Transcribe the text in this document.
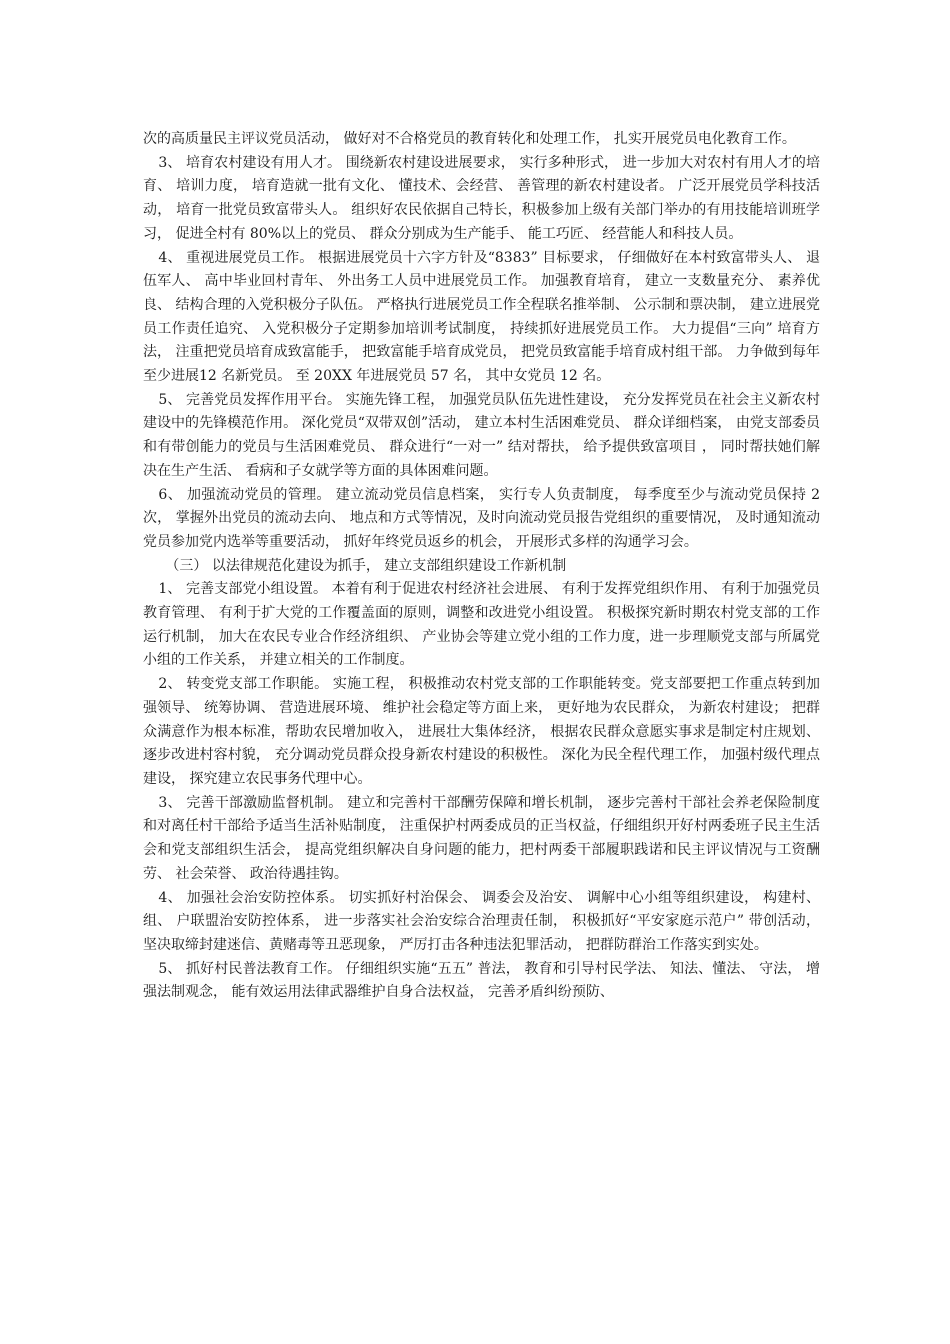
次的高质量民主评议党员活动， 做好对不合格党员的教育转化和处理工作， 扎实开展党员电化教育工作。

3、 培育农村建设有用人才。 围绕新农村建设进展要求， 实行多种形式， 进一步加大对农村有用人才的培育、 培训力度， 培育造就一批有文化、 懂技术、会经营、 善管理的新农村建设者。 广泛开展党员学科技活动， 培育一批党员致富带头人。 组织好农民依据自己特长，积极参加上级有关部门举办的有用技能培训班学习， 促进全村有 80%以上的党员、 群众分别成为生产能手、 能工巧匠、 经营能人和科技人员。

4、 重视进展党员工作。 根据进展党员十六字方针及“8383” 目标要求， 仔细做好在本村致富带头人、 退伍军人、 高中毕业回村青年、 外出务工人员中进展党员工作。 加强教育培育， 建立一支数量充分、 素养优良、 结构合理的入党积极分子队伍。 严格执行进展党员工作全程联名推举制、 公示制和票决制， 建立进展党员工作责任追究、 入党积极分子定期参加培训考试制度， 持续抓好进展党员工作。 大力提倡“三向” 培育方法， 注重把党员培育成致富能手， 把致富能手培育成党员， 把党员致富能手培育成村组干部。 力争做到每年至少进展12 名新党员。 至 20XX 年进展党员 57 名， 其中女党员 12 名。

5、 完善党员发挥作用平台。 实施先锋工程， 加强党员队伍先进性建设， 充分发挥党员在社会主义新农村建设中的先锋模范作用。 深化党员“双带双创”活动， 建立本村生活困难党员、 群众详细档案， 由党支部委员和有带创能力的党员与生活困难党员、 群众进行“一对一” 结对帮扶， 给予提供致富项目 ， 同时帮扶她们解决在生产生活、 看病和子女就学等方面的具体困难问题。

6、 加强流动党员的管理。 建立流动党员信息档案， 实行专人负责制度， 每季度至少与流动党员保持 2 次， 掌握外出党员的流动去向、 地点和方式等情况，及时向流动党员报告党组织的重要情况， 及时通知流动党员参加党内选举等重要活动， 抓好年终党员返乡的机会， 开展形式多样的沟通学习会。

（三） 以法律规范化建设为抓手， 建立支部组织建设工作新机制

1、 完善支部党小组设置。 本着有利于促进农村经济社会进展、 有利于发挥党组织作用、 有利于加强党员教育管理、 有利于扩大党的工作覆盖面的原则，调整和改进党小组设置。 积极探究新时期农村党支部的工作运行机制， 加大在农民专业合作经济组织、 产业协会等建立党小组的工作力度，进一步理顺党支部与所属党小组的工作关系， 并建立相关的工作制度。

2、 转变党支部工作职能。 实施工程， 积极推动农村党支部的工作职能转变。党支部要把工作重点转到加强领导、 统筹协调、 营造进展环境、 维护社会稳定等方面上来， 更好地为农民群众， 为新农村建设； 把群众满意作为根本标准，帮助农民增加收入， 进展壮大集体经济， 根据农民群众意愿实事求是制定村庄规划、 逐步改进村容村貌， 充分调动党员群众投身新农村建设的积极性。 深化为民全程代理工作， 加强村级代理点建设， 探究建立农民事务代理中心。

3、 完善干部激励监督机制。 建立和完善村干部酬劳保障和增长机制， 逐步完善村干部社会养老保险制度和对离任村干部给予适当生活补贴制度， 注重保护村两委成员的正当权益，仔细组织开好村两委班子民主生活会和党支部组织生活会， 提高党组织解决自身问题的能力，把村两委干部履职践诺和民主评议情况与工资酬劳、 社会荣誉、 政治待遇挂钩。

4、 加强社会治安防控体系。 切实抓好村治保会、 调委会及治安、 调解中心小组等组织建设， 构建村、 组、 户联盟治安防控体系， 进一步落实社会治安综合治理责任制， 积极抓好“平安家庭示范户” 带创活动， 坚决取缔封建迷信、黄赌毒等丑恶现象， 严厉打击各种违法犯罪活动， 把群防群治工作落实到实处。

5、 抓好村民普法教育工作。 仔细组织实施“五五” 普法， 教育和引导村民学法、 知法、懂法、 守法， 增强法制观念， 能有效运用法律武器维护自身合法权益， 完善矛盾纠纷预防、
